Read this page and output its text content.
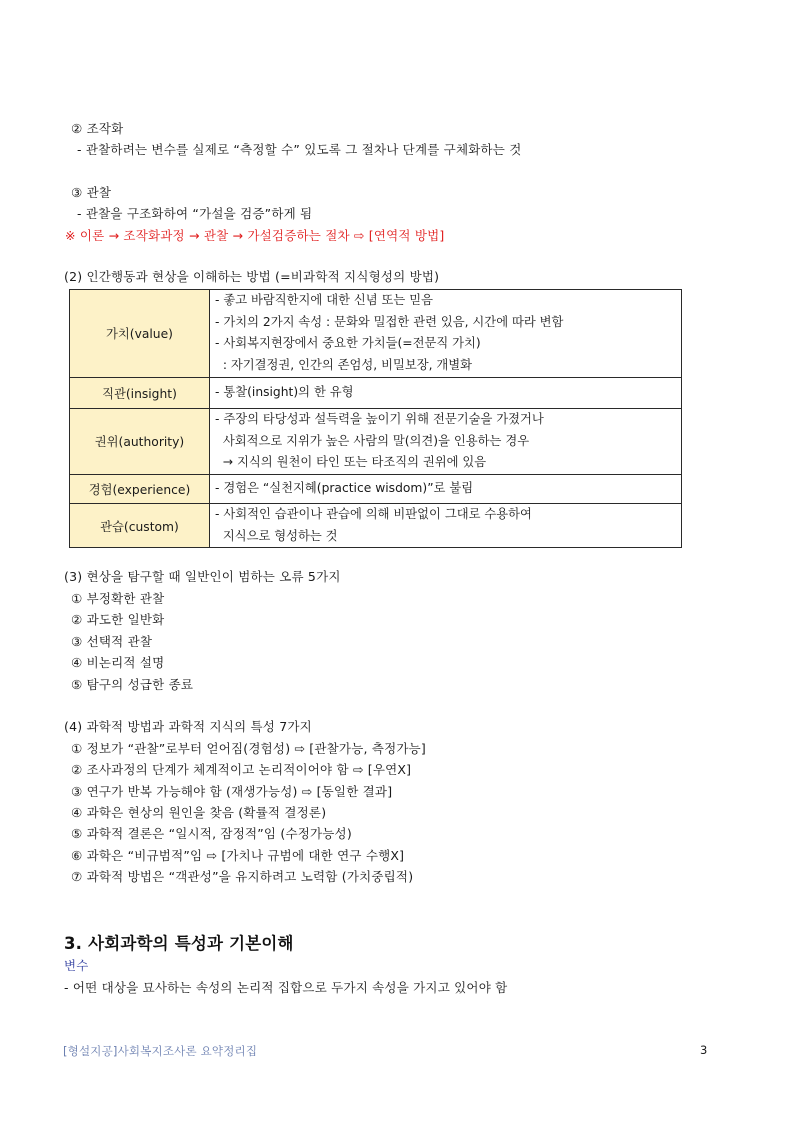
② 조작화
- 관찰하려는 변수를 실제로 “측정할 수” 있도록 그 절차나 단계를 구체화하는 것
③ 관찰
- 관찰을 구조화하여 “가설을 검증”하게 됨
※ 이론 → 조작화과정 → 관찰 → 가설검증하는 절차 ⇨ [연역적 방법]
(2) 인간행동과 현상을 이해하는 방법 (=비과학적 지식형성의 방법)
가치(value)	- 좋고 바람직한지에 대한 신념 또는 믿음
- 가치의 2가지 속성 : 문화와 밀접한 관련 있음, 시간에 따라 변함
- 사회복지현장에서 중요한 가치들(=전문직 가치)
: 자기결정권, 인간의 존엄성, 비밀보장, 개별화

직관(insight)	- 통찰(insight)의 한 유형

권위(authority)	- 주장의 타당성과 설득력을 높이기 위해 전문기술을 가졌거나
사회적으로 지위가 높은 사람의 말(의견)을 인용하는 경우
→ 지식의 원천이 타인 또는 타조직의 권위에 있음

경험(experience)	- 경험은 “실천지혜(practice wisdom)”로 불림

관습(custom)	- 사회적인 습관이나 관습에 의해 비판없이 그대로 수용하여
지식으로 형성하는 것
(3) 현상을 탐구할 때 일반인이 범하는 오류 5가지
① 부정확한 관찰
② 과도한 일반화
③ 선택적 관찰
④ 비논리적 설명
⑤ 탐구의 성급한 종료
(4) 과학적 방법과 과학적 지식의 특성 7가지
① 정보가 “관찰”로부터 얻어짐(경험성) ⇨ [관찰가능, 측정가능]
② 조사과정의 단계가 체계적이고 논리적이어야 함 ⇨ [우연X]
③ 연구가 반복 가능해야 함 (재생가능성) ⇨ [동일한 결과]
④ 과학은 현상의 원인을 찾음 (확률적 결정론)
⑤ 과학적 결론은 “일시적, 잠정적”임 (수정가능성)
⑥ 과학은 “비규범적”임 ⇨ [가치나 규범에 대한 연구 수행X]
⑦ 과학적 방법은 “객관성”을 유지하려고 노력함 (가치중립적)
3. 사회과학의 특성과 기본이해
변수
- 어떤 대상을 묘사하는 속성의 논리적 집합으로 두가지 속성을 가지고 있어야 함
[형설지공]사회복지조사론 요약정리집	3
